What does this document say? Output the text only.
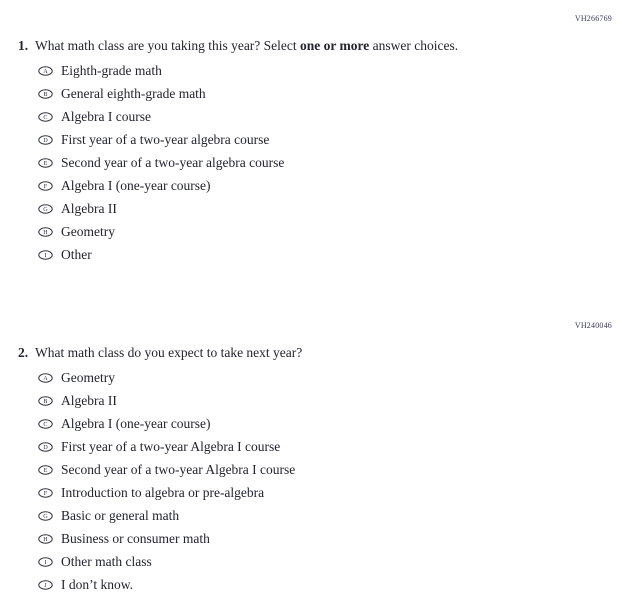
VH266769
1. What math class are you taking this year? Select one or more answer choices.
A Eighth-grade math
B General eighth-grade math
C Algebra I course
D First year of a two-year algebra course
E Second year of a two-year algebra course
F Algebra I (one-year course)
G Algebra II
H Geometry
I Other
VH240046
2. What math class do you expect to take next year?
A Geometry
B Algebra II
C Algebra I (one-year course)
D First year of a two-year Algebra I course
E Second year of a two-year Algebra I course
F Introduction to algebra or pre-algebra
G Basic or general math
H Business or consumer math
I Other math class
J I don’t know.
